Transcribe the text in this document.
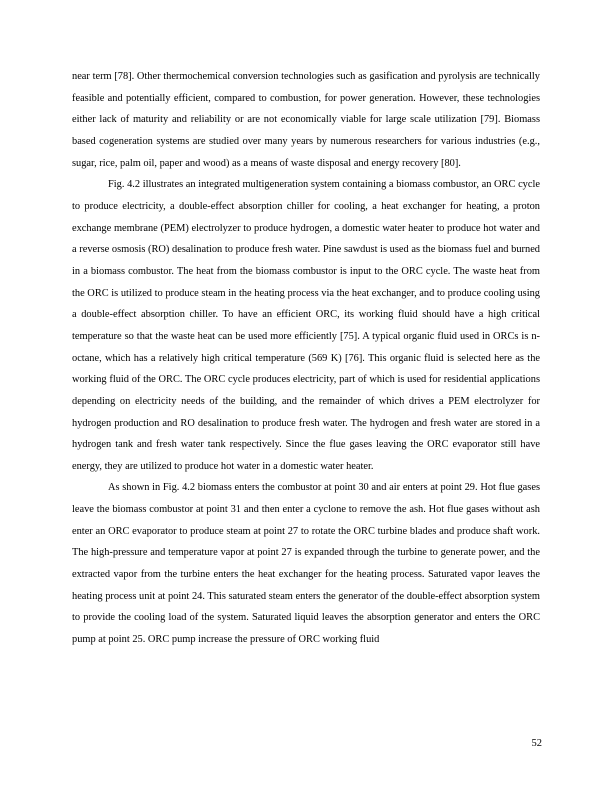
near term [78]. Other thermochemical conversion technologies such as gasification and pyrolysis are technically feasible and potentially efficient, compared to combustion, for power generation. However, these technologies either lack of maturity and reliability or are not economically viable for large scale utilization [79]. Biomass based cogeneration systems are studied over many years by numerous researchers for various industries (e.g., sugar, rice, palm oil, paper and wood) as a means of waste disposal and energy recovery [80].

Fig. 4.2 illustrates an integrated multigeneration system containing a biomass combustor, an ORC cycle to produce electricity, a double-effect absorption chiller for cooling, a heat exchanger for heating, a proton exchange membrane (PEM) electrolyzer to produce hydrogen, a domestic water heater to produce hot water and a reverse osmosis (RO) desalination to produce fresh water. Pine sawdust is used as the biomass fuel and burned in a biomass combustor. The heat from the biomass combustor is input to the ORC cycle. The waste heat from the ORC is utilized to produce steam in the heating process via the heat exchanger, and to produce cooling using a double-effect absorption chiller. To have an efficient ORC, its working fluid should have a high critical temperature so that the waste heat can be used more efficiently [75]. A typical organic fluid used in ORCs is n-octane, which has a relatively high critical temperature (569 K) [76]. This organic fluid is selected here as the working fluid of the ORC. The ORC cycle produces electricity, part of which is used for residential applications depending on electricity needs of the building, and the remainder of which drives a PEM electrolyzer for hydrogen production and RO desalination to produce fresh water. The hydrogen and fresh water are stored in a hydrogen tank and fresh water tank respectively. Since the flue gases leaving the ORC evaporator still have energy, they are utilized to produce hot water in a domestic water heater.

As shown in Fig. 4.2 biomass enters the combustor at point 30 and air enters at point 29. Hot flue gases leave the biomass combustor at point 31 and then enter a cyclone to remove the ash. Hot flue gases without ash enter an ORC evaporator to produce steam at point 27 to rotate the ORC turbine blades and produce shaft work. The high-pressure and temperature vapor at point 27 is expanded through the turbine to generate power, and the extracted vapor from the turbine enters the heat exchanger for the heating process. Saturated vapor leaves the heating process unit at point 24. This saturated steam enters the generator of the double-effect absorption system to provide the cooling load of the system. Saturated liquid leaves the absorption generator and enters the ORC pump at point 25. ORC pump increase the pressure of ORC working fluid

52
